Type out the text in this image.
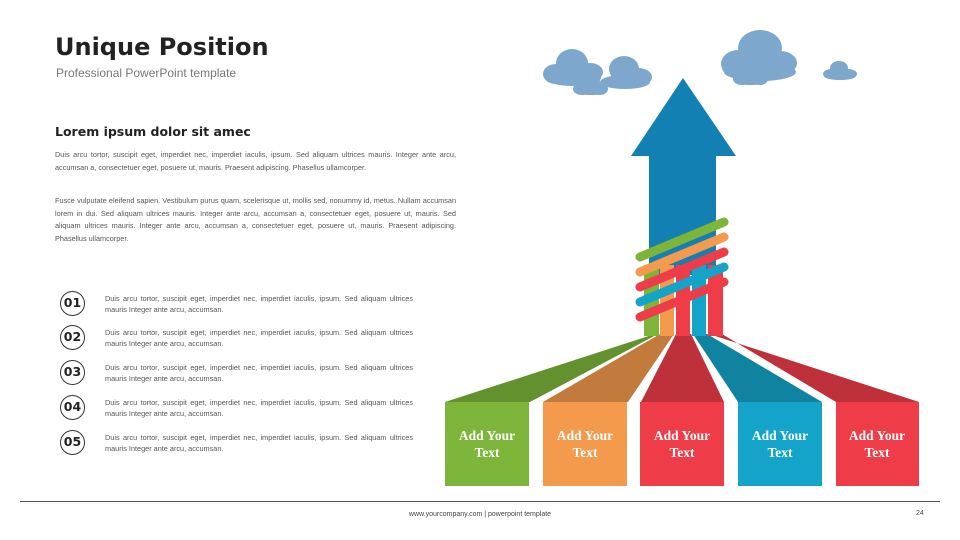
Unique Position
Professional PowerPoint template
Lorem ipsum dolor sit amec

Duis arcu tortor, suscipit eget, imperdiet nec, imperdiet iaculis, ipsum. Sed aliquam ultrices mauris. Integer ante arcu, accumsan a, consectetuer eget, posuere ut, mauris. Praesent adipiscing. Phasellus ullamcorper.

Fusce vulputate eleifend sapien. Vestibulum purus quam, scelerisque ut, mollis sed, nonummy id, metus. Nullam accumsan lorem in dui. Sed aliquam ultrices mauris. Integer ante arcu, accumsan a, consectetuer eget, posuere ut, mauris. Sed aliquam ultrices mauris. Integer ante arcu, accumsan a, consectetuer eget, posuere ut, mauris. Praesent adipiscing. Phasellus ullamcorper.

01	Duis arcu tortor, suscipit eget, imperdiet nec, imperdiet iaculis, ipsum. Sed aliquam ultrices mauris Integer ante arcu, accumsan.

02	Duis arcu tortor, suscipit eget, imperdiet nec, imperdiet iaculis, ipsum. Sed aliquam ultrices mauris Integer ante arcu, accumsan.

03	Duis arcu tortor, suscipit eget, imperdiet nec, imperdiet iaculis, ipsum. Sed aliquam ultrices mauris Integer ante arcu, accumsan.

04	Duis arcu tortor, suscipit eget, imperdiet nec, imperdiet iaculis, ipsum. Sed aliquam ultrices mauris Integer ante arcu, accumsan.

05	Duis arcu tortor, suscipit eget, imperdiet nec, imperdiet iaculis, ipsum. Sed aliquam ultrices mauris Integer ante arcu, accumsan.

Add Your
Text
Add Your
Text
Add Your
Text
Add Your
Text
Add Your
Text
www.yourcompany.com | powerpoint template	24
